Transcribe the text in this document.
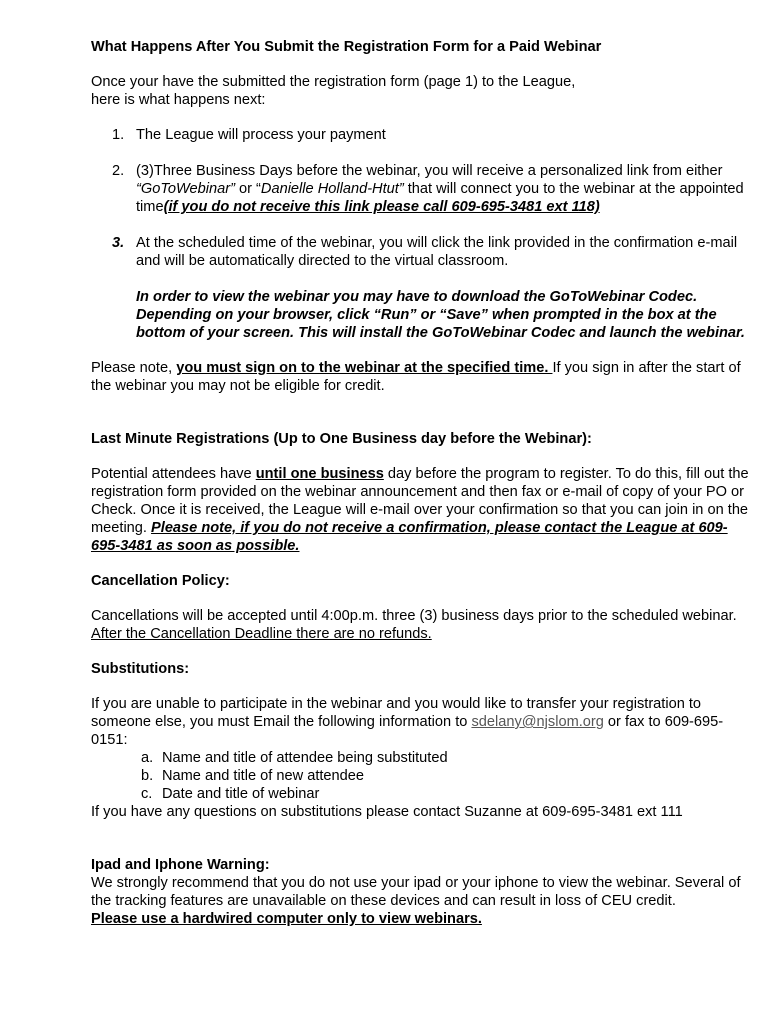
What Happens After You Submit the Registration Form for a Paid Webinar

Once your have the submitted the registration form (page 1) to the League,
here is what happens next:

1. The League will process your payment
2. (3)Three Business Days before the webinar, you will receive a personalized link from either “GoToWebinar” or “Danielle Holland-Htut” that will connect you to the webinar at the appointed time(if you do not receive this link please call 609-695-3481 ext 118)
3. At the scheduled time of the webinar, you will click the link provided in the confirmation e-mail and will be automatically directed to the virtual classroom.

In order to view the webinar you may have to download the GoToWebinar Codec. Depending on your browser, click “Run” or “Save” when prompted in the box at the bottom of your screen. This will install the GoToWebinar Codec and launch the webinar.

Please note, you must sign on to the webinar at the specified time. If you sign in after the start of the webinar you may not be eligible for credit.

Last Minute Registrations (Up to One Business day before the Webinar):

Potential attendees have until one business day before the program to register. To do this, fill out the registration form provided on the webinar announcement and then fax or e-mail of copy of your PO or Check. Once it is received, the League will e-mail over your confirmation so that you can join in on the meeting. Please note, if you do not receive a confirmation, please contact the League at 609-695-3481 as soon as possible.

Cancellation Policy:

Cancellations will be accepted until 4:00p.m. three (3) business days prior to the scheduled webinar. After the Cancellation Deadline there are no refunds.

Substitutions:

If you are unable to participate in the webinar and you would like to transfer your registration to someone else, you must Email the following information to sdelany@njslom.org or fax to 609-695-0151:

a. Name and title of attendee being substituted
b. Name and title of new attendee
c. Date and title of webinar

If you have any questions on substitutions please contact Suzanne at 609-695-3481 ext 111

Ipad and Iphone Warning:

We strongly recommend that you do not use your ipad or your iphone to view the webinar. Several of the tracking features are unavailable on these devices and can result in loss of CEU credit.

Please use a hardwired computer only to view webinars.
